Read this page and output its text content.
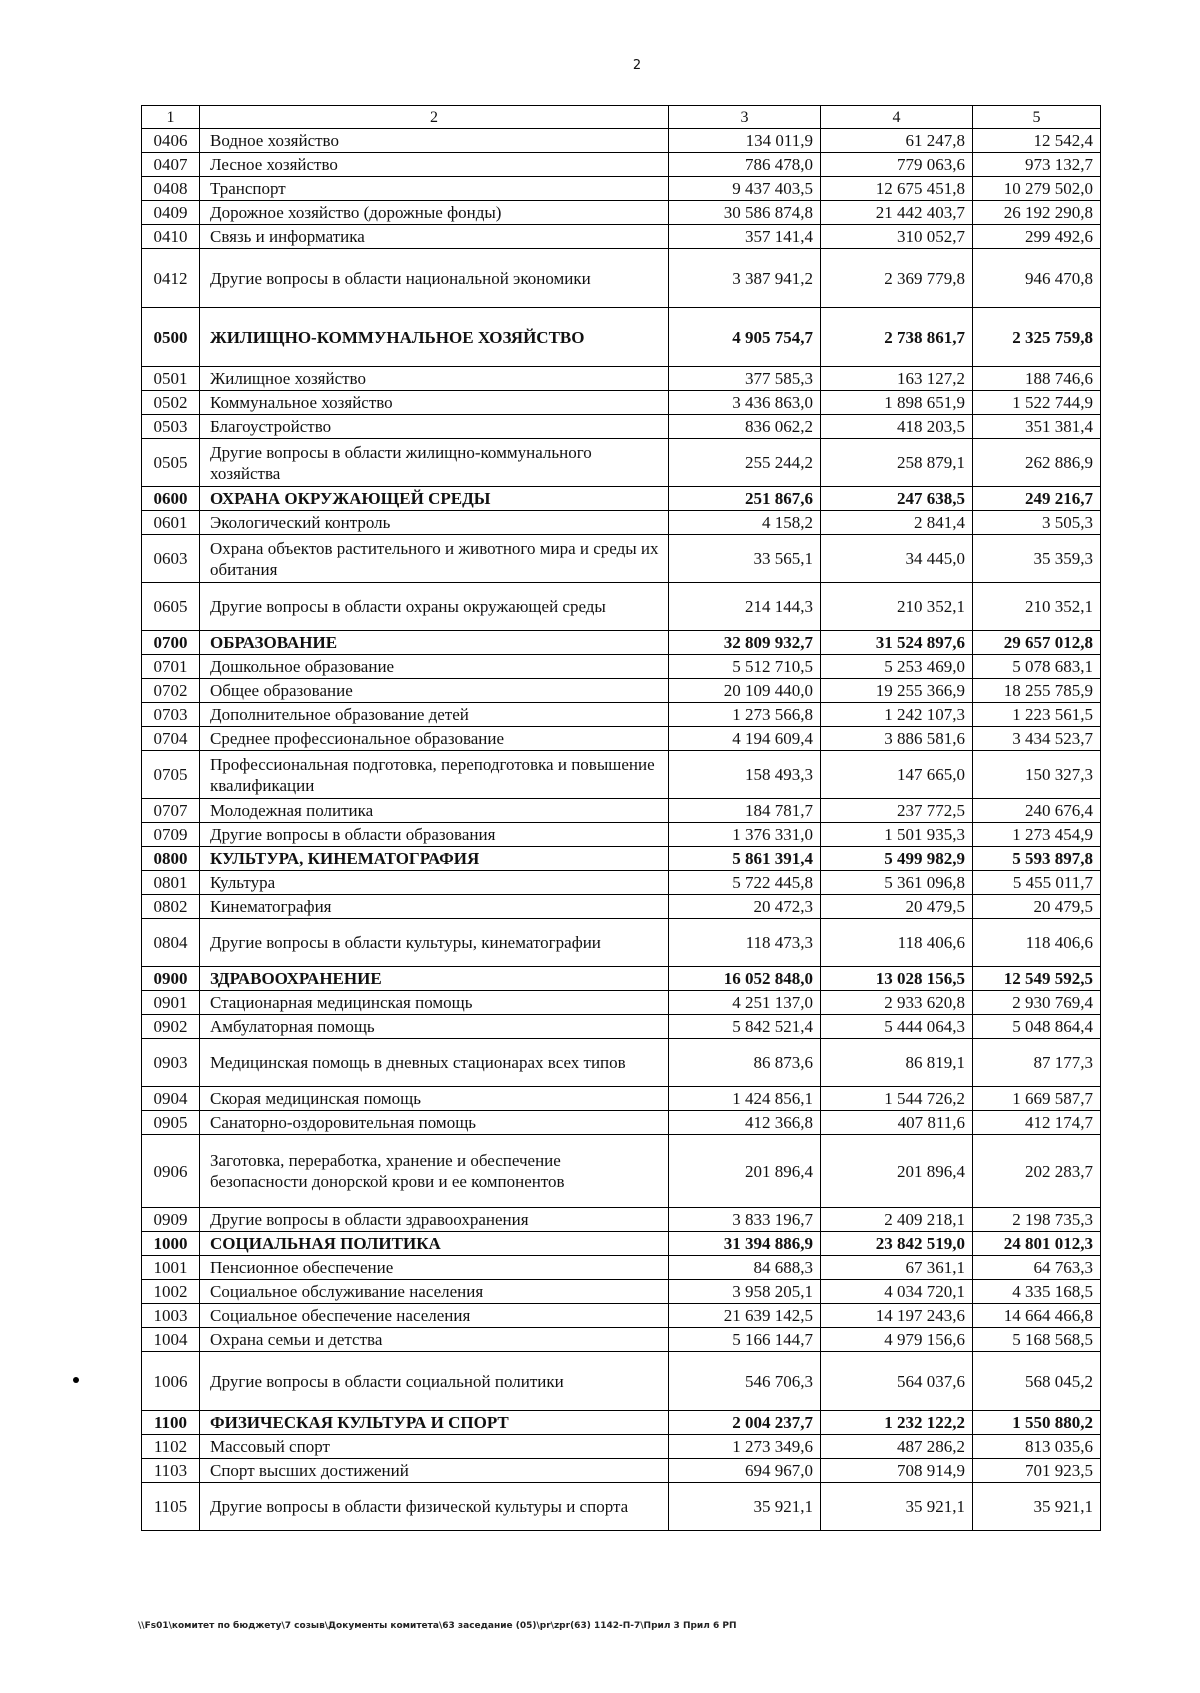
2
1	2	3	4	5
0406	Водное хозяйство	134 011,9	61 247,8	12 542,4
0407	Лесное хозяйство	786 478,0	779 063,6	973 132,7
0408	Транспорт	9 437 403,5	12 675 451,8	10 279 502,0
0409	Дорожное хозяйство (дорожные фонды)	30 586 874,8	21 442 403,7	26 192 290,8
0410	Связь и информатика	357 141,4	310 052,7	299 492,6
0412	Другие вопросы в области национальной экономики	3 387 941,2	2 369 779,8	946 470,8
0500	ЖИЛИЩНО-КОММУНАЛЬНОЕ ХОЗЯЙСТВО	4 905 754,7	2 738 861,7	2 325 759,8
0501	Жилищное хозяйство	377 585,3	163 127,2	188 746,6
0502	Коммунальное хозяйство	3 436 863,0	1 898 651,9	1 522 744,9
0503	Благоустройство	836 062,2	418 203,5	351 381,4
0505	Другие вопросы в области жилищно-коммунального хозяйства	255 244,2	258 879,1	262 886,9
0600	ОХРАНА ОКРУЖАЮЩЕЙ СРЕДЫ	251 867,6	247 638,5	249 216,7
0601	Экологический контроль	4 158,2	2 841,4	3 505,3
0603	Охрана объектов растительного и животного мира и среды их обитания	33 565,1	34 445,0	35 359,3
0605	Другие вопросы в области охраны окружающей среды	214 144,3	210 352,1	210 352,1
0700	ОБРАЗОВАНИЕ	32 809 932,7	31 524 897,6	29 657 012,8
0701	Дошкольное образование	5 512 710,5	5 253 469,0	5 078 683,1
0702	Общее образование	20 109 440,0	19 255 366,9	18 255 785,9
0703	Дополнительное образование детей	1 273 566,8	1 242 107,3	1 223 561,5
0704	Среднее профессиональное образование	4 194 609,4	3 886 581,6	3 434 523,7
0705	Профессиональная подготовка, переподготовка и повышение квалификации	158 493,3	147 665,0	150 327,3
0707	Молодежная политика	184 781,7	237 772,5	240 676,4
0709	Другие вопросы в области образования	1 376 331,0	1 501 935,3	1 273 454,9
0800	КУЛЬТУРА, КИНЕМАТОГРАФИЯ	5 861 391,4	5 499 982,9	5 593 897,8
0801	Культура	5 722 445,8	5 361 096,8	5 455 011,7
0802	Кинематография	20 472,3	20 479,5	20 479,5
0804	Другие вопросы в области культуры, кинематографии	118 473,3	118 406,6	118 406,6
0900	ЗДРАВООХРАНЕНИЕ	16 052 848,0	13 028 156,5	12 549 592,5
0901	Стационарная медицинская помощь	4 251 137,0	2 933 620,8	2 930 769,4
0902	Амбулаторная помощь	5 842 521,4	5 444 064,3	5 048 864,4
0903	Медицинская помощь в дневных стационарах всех типов	86 873,6	86 819,1	87 177,3
0904	Скорая медицинская помощь	1 424 856,1	1 544 726,2	1 669 587,7
0905	Санаторно-оздоровительная помощь	412 366,8	407 811,6	412 174,7
0906	Заготовка, переработка, хранение и обеспечение безопасности донорской крови и ее компонентов	201 896,4	201 896,4	202 283,7
0909	Другие вопросы в области здравоохранения	3 833 196,7	2 409 218,1	2 198 735,3
1000	СОЦИАЛЬНАЯ ПОЛИТИКА	31 394 886,9	23 842 519,0	24 801 012,3
1001	Пенсионное обеспечение	84 688,3	67 361,1	64 763,3
1002	Социальное обслуживание населения	3 958 205,1	4 034 720,1	4 335 168,5
1003	Социальное обеспечение населения	21 639 142,5	14 197 243,6	14 664 466,8
1004	Охрана семьи и детства	5 166 144,7	4 979 156,6	5 168 568,5
1006	Другие вопросы в области социальной политики	546 706,3	564 037,6	568 045,2
1100	ФИЗИЧЕСКАЯ КУЛЬТУРА И СПОРТ	2 004 237,7	1 232 122,2	1 550 880,2
1102	Массовый спорт	1 273 349,6	487 286,2	813 035,6
1103	Спорт высших достижений	694 967,0	708 914,9	701 923,5
1105	Другие вопросы в области физической культуры и спорта	35 921,1	35 921,1	35 921,1
\\Fs01\комитет по бюджету\7 созыв\Документы комитета\63 заседание (05)\pr\zpr(63) 1142-П-7\Прил 3 Прил 6 РП
